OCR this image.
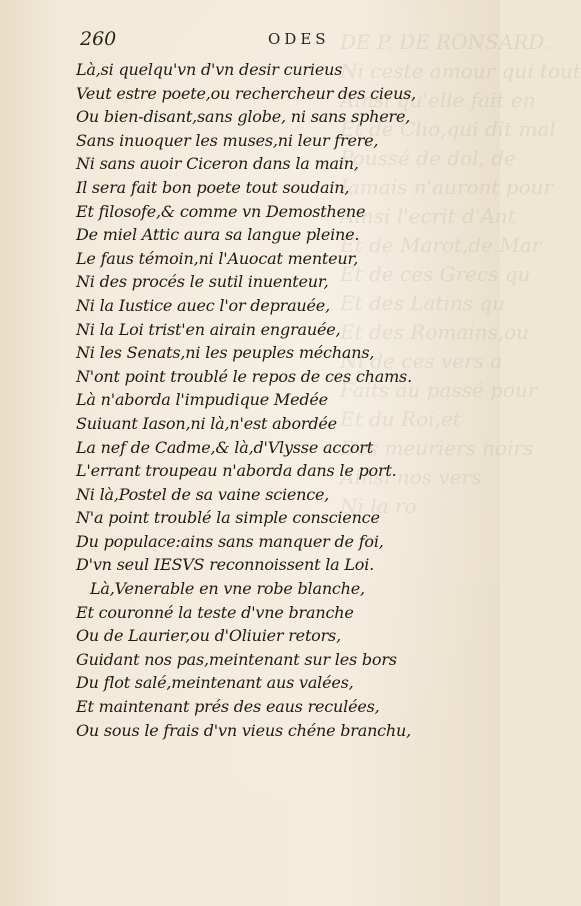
DE P. DE RONSARD.
Ni ceste amour qui tout
Ainsi qu'elle fait en
Et de Clio,qui dit mal
Poussé de dol, de
Iamais n'auront pour
Ainsi l'ecrit d'Ant
Et de Marot,de Mar
Et de ces Grecs qu
Et des Latins qu
Et des Romains,ou
Ni de ces vers a
Faits au passé pour
Et du Roi,et
Des meuriers noirs
Ainsi nos vers
Ni la ro
260	ODES
Là,si quelqu'vn d'vn desir curieus
Veut estre poete,ou rechercheur des cieus,
Ou bien-disant,sans globe, ni sans sphere,
Sans inuoquer les muses,ni leur frere,
Ni sans auoir Ciceron dans la main,
Il sera fait bon poete tout soudain,
Et filosofe,& comme vn Demosthene
De miel Attic aura sa langue pleine.
Le faus témoin,ni l'Auocat menteur,
Ni des procés le sutil inuenteur,
Ni la Iustice auec l'or deprauée,
Ni la Loi trist'en airain engrauée,
Ni les Senats,ni les peuples méchans,
N'ont point troublé le repos de ces chams.
Là n'aborda l'impudique Medée
Suiuant Iason,ni là,n'est abordée
La nef de Cadme,& là,d'Vlysse accort
L'errant troupeau n'aborda dans le port.
Ni là,Postel de sa vaine science,
N'a point troublé la simple conscience
Du populace:ains sans manquer de foi,
D'vn seul IESVS reconnoissent la Loi.
Là,Venerable en vne robe blanche,
Et couronné la teste d'vne branche
Ou de Laurier,ou d'Oliuier retors,
Guidant nos pas,meintenant sur les bors
Du flot salé,meintenant aus valées,
Et maintenant prés des eaus reculées,
Ou sous le frais d'vn vieus chéne branchu,
